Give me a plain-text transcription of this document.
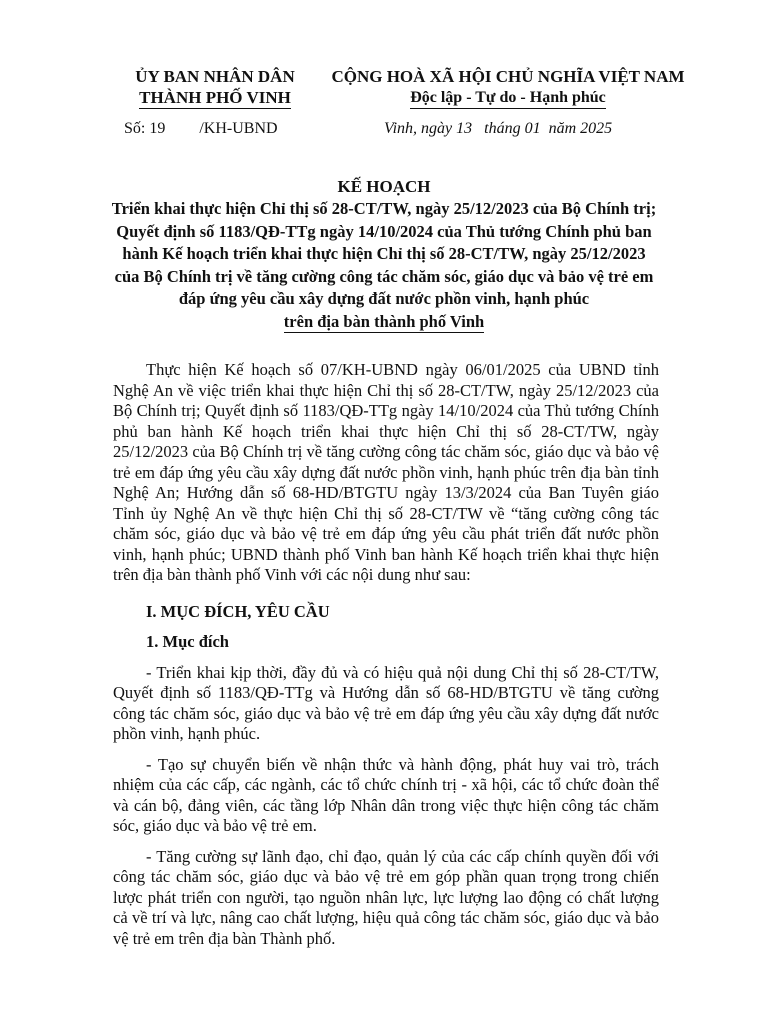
ỦY BAN NHÂN DÂN
THÀNH PHỐ VINH
CỘNG HOÀ XÃ HỘI CHỦ NGHĨA VIỆT NAM
Độc lập - Tự do - Hạnh phúc
Số: 19 /KH-UBND	Vinh, ngày 13   tháng 01  năm 2025
KẾ HOẠCH
Triển khai thực hiện Chỉ thị số 28-CT/TW, ngày 25/12/2023 của Bộ Chính trị;
Quyết định số 1183/QĐ-TTg ngày 14/10/2024 của Thủ tướng Chính phủ ban
hành Kế hoạch triển khai thực hiện Chỉ thị số 28-CT/TW, ngày 25/12/2023
của Bộ Chính trị về tăng cường công tác chăm sóc, giáo dục và bảo vệ trẻ em
đáp ứng yêu cầu xây dựng đất nước phồn vinh, hạnh phúc
trên địa bàn thành phố Vinh

Thực hiện Kế hoạch số 07/KH-UBND ngày 06/01/2025 của UBND tỉnh Nghệ An về việc triển khai thực hiện Chỉ thị số 28-CT/TW, ngày 25/12/2023 của Bộ Chính trị; Quyết định số 1183/QĐ-TTg ngày 14/10/2024 của Thủ tướng Chính phủ ban hành Kế hoạch triển khai thực hiện Chỉ thị số 28-CT/TW, ngày 25/12/2023 của Bộ Chính trị về tăng cường công tác chăm sóc, giáo dục và bảo vệ trẻ em đáp ứng yêu cầu xây dựng đất nước phồn vinh, hạnh phúc trên địa bàn tỉnh Nghệ An; Hướng dẫn số 68-HD/BTGTU ngày 13/3/2024 của Ban Tuyên giáo Tỉnh ủy Nghệ An về thực hiện Chỉ thị số 28-CT/TW về “tăng cường công tác chăm sóc, giáo dục và bảo vệ trẻ em đáp ứng yêu cầu phát triển đất nước phồn vinh, hạnh phúc; UBND thành phố Vinh ban hành Kế hoạch triển khai thực hiện trên địa bàn thành phố Vinh với các nội dung như sau:

I. MỤC ĐÍCH, YÊU CẦU
1. Mục đích

- Triển khai kịp thời, đầy đủ và có hiệu quả nội dung Chỉ thị số 28-CT/TW, Quyết định số 1183/QĐ-TTg và Hướng dẫn số 68-HD/BTGTU về tăng cường công tác chăm sóc, giáo dục và bảo vệ trẻ em đáp ứng yêu cầu xây dựng đất nước phồn vinh, hạnh phúc.

- Tạo sự chuyển biến về nhận thức và hành động, phát huy vai trò, trách nhiệm của các cấp, các ngành, các tổ chức chính trị - xã hội, các tổ chức đoàn thể và cán bộ, đảng viên, các tầng lớp Nhân dân trong việc thực hiện công tác chăm sóc, giáo dục và bảo vệ trẻ em.

- Tăng cường sự lãnh đạo, chỉ đạo, quản lý của các cấp chính quyền đối với công tác chăm sóc, giáo dục và bảo vệ trẻ em góp phần quan trọng trong chiến lược phát triển con người, tạo nguồn nhân lực, lực lượng lao động có chất lượng cả về trí và lực, nâng cao chất lượng, hiệu quả công tác chăm sóc, giáo dục và bảo vệ trẻ em trên địa bàn Thành phố.
